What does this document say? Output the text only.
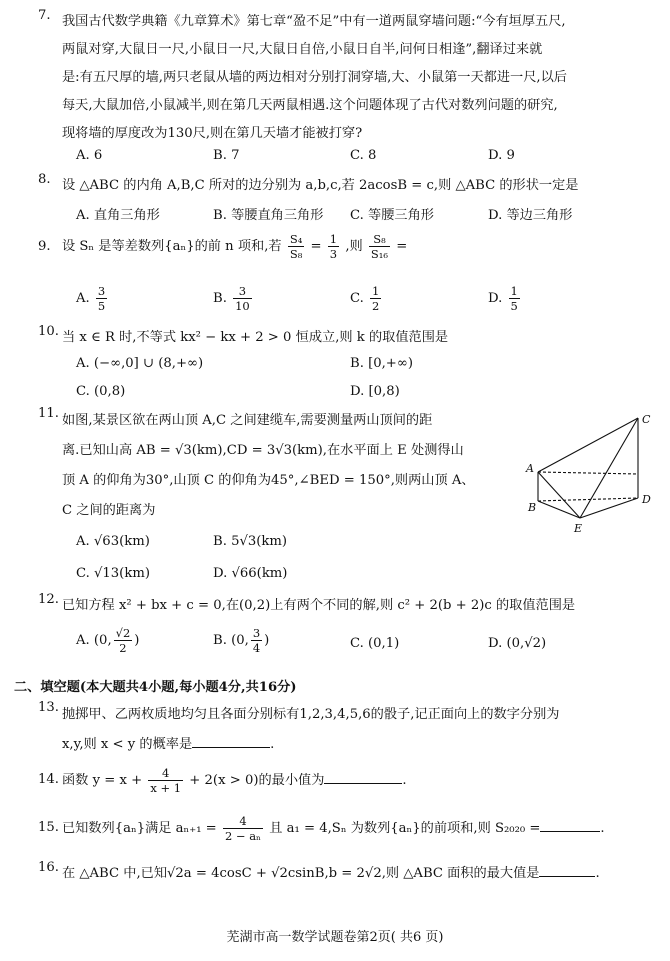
7. 我国古代数学典籍《九章算术》第七章“盈不足”中有一道两鼠穿墙问题:“今有垣厚五尺,
两鼠对穿,大鼠日一尺,小鼠日一尺,大鼠日自倍,小鼠日自半,问何日相逢”,翻译过来就
是:有五尺厚的墙,两只老鼠从墙的两边相对分别打洞穿墙,大、小鼠第一天都进一尺,以后
每天,大鼠加倍,小鼠减半,则在第几天两鼠相遇.这个问题体现了古代对数列问题的研究,
现将墙的厚度改为130尺,则在第几天墙才能被打穿?
A. 6	B. 7	C. 8	D. 9
8. 设 △ABC 的内角 A,B,C 所对的边分别为 a,b,c,若 2acosB = c,则 △ABC 的形状一定是
A. 直角三角形	B. 等腰直角三角形 C. 等腰三角形	D. 等边三角形
9. 设 Sₙ 是等差数列{aₙ}的前 n 项和,若 $\frac{\text{S₄}}{\text{S₈}} = \frac{1}{3}$ ,则 $\frac{\text{S₈}}{\text{S₁₆}}$ =
A. $\frac{3}{5}$	B. $\frac{3}{10}$	C. $\frac{1}{2}$	D. $\frac{1}{5}$
10. 当 x ∈ R 时,不等式 kx² − kx + 2 > 0 恒成立,则 k 的取值范围是
A. (−∞,0] ∪ (8,+∞)	B. [0,+∞)
C. (0,8)	D. [0,8)
11. 如图,某景区欲在两山顶 A,C 之间建缆车,需要测量两山顶间的距
离.已知山高 AB = √3(km),CD = 3√3(km),在水平面上 E 处测得山
顶 A 的仰角为30°,山顶 C 的仰角为45°,∠BED = 150°,则两山顶 A、
C 之间的距离为
A
B
C
D
E
A. √63(km)	B. 5√3(km)
C. √13(km)	D. √66(km)
12. 已知方程 x² + bx + c = 0,在(0,2)上有两个不同的解,则 c² + 2(b + 2)c 的取值范围是
A. (0, $\frac{√2}{2}$ )	B. (0, $\frac{3}{4}$ )	C. (0,1)	D. (0,√2)
二、填空题(本大题共4小题,每小题4分,共16分)
13. 抛掷甲、乙两枚质地均匀且各面分别标有1,2,3,4,5,6的骰子,记正面向上的数字分别为
x,y,则 x < y 的概率是	.
14. 函数 $y = x + \frac{4}{x + 1} + 2(x > 0)$的最小值为	.
15. 已知数列{aₙ}满足 $a_{n+1} = \frac{4}{\text{2 − aₙ}}$ 且 a₁ = 4,Sₙ 为数列{aₙ}的前项和,则 S₂₀₂₀ =	.
16. 在 △ABC 中,已知√2a = 4cosC + √2csinB,b = 2√2,则 △ABC 面积的最大值是	.
芜湖市高一数学试题卷第2页( 共6 页)
